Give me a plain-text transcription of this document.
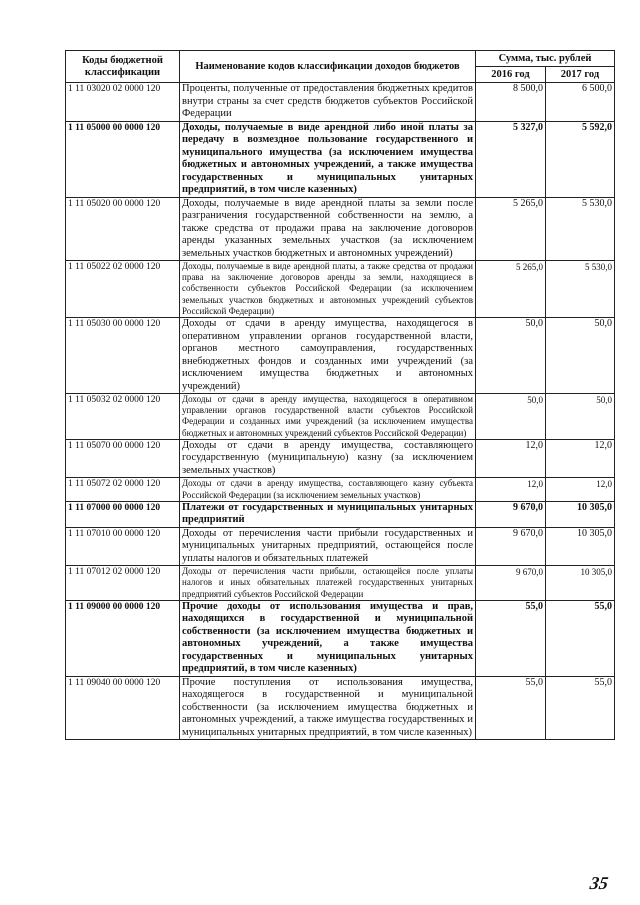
Коды бюджетной классификации	Наименование кодов классификации доходов бюджетов	Сумма, тыс. рублей	
		2016 год	2017 год
1 11 03020 02 0000 120	Проценты, полученные от предоставления бюджетных кредитов внутри страны за счет средств бюджетов субъектов Российской Федерации	8 500,0	6 500,0
1 11 05000 00 0000 120	Доходы, получаемые в виде арендной либо иной платы за передачу в возмездное пользование государственного и муниципального имущества (за исключением имущества бюджетных и автономных учреждений, а также имущества государственных и муниципальных унитарных предприятий, в том числе казенных)	5 327,0	5 592,0
1 11 05020 00 0000 120	Доходы, получаемые в виде арендной платы за земли после разграничения государственной собственности на землю, а также средства от продажи права на заключение договоров аренды указанных земельных участков (за исключением земельных участков бюджетных и автономных учреждений)	5 265,0	5 530,0
1 11 05022 02 0000 120	Доходы, получаемые в виде арендной платы, а также средства от продажи права на заключение договоров аренды за земли, находящиеся в собственности субъектов Российской Федерации (за исключением земельных участков бюджетных и автономных учреждений субъектов Российской Федерации)	5 265,0	5 530,0
1 11 05030 00 0000 120	Доходы от сдачи в аренду имущества, находящегося в оперативном управлении органов государственной власти, органов местного самоуправления, государственных внебюджетных фондов и созданных ими учреждений (за исключением имущества бюджетных и автономных учреждений)	50,0	50,0
1 11 05032 02 0000 120	Доходы от сдачи в аренду имущества, находящегося в оперативном управлении органов государственной власти субъектов Российской Федерации и созданных ими учреждений (за исключением имущества бюджетных и автономных учреждений субъектов Российской Федерации)	50,0	50,0
1 11 05070 00 0000 120	Доходы от сдачи в аренду имущества, составляющего государственную (муниципальную) казну (за исключением земельных участков)	12,0	12,0
1 11 05072 02 0000 120	Доходы от сдачи в аренду имущества, составляющего казну субъекта Российской Федерации (за исключением земельных участков)	12,0	12,0
1 11 07000 00 0000 120	Платежи от государственных и муниципальных унитарных предприятий	9 670,0	10 305,0
1 11 07010 00 0000 120	Доходы от перечисления части прибыли государственных и муниципальных унитарных предприятий, остающейся после уплаты налогов и обязательных платежей	9 670,0	10 305,0
1 11 07012 02 0000 120	Доходы от перечисления части прибыли, остающейся после уплаты налогов и иных обязательных платежей государственных унитарных предприятий субъектов Российской Федерации	9 670,0	10 305,0
1 11 09000 00 0000 120	Прочие доходы от использования имущества и прав, находящихся в государственной и муниципальной собственности (за исключением имущества бюджетных и автономных учреждений, а также имущества государственных и муниципальных унитарных предприятий, в том числе казенных)	55,0	55,0
1 11 09040 00 0000 120	Прочие поступления от использования имущества, находящегося в государственной и муниципальной собственности (за исключением имущества бюджетных и автономных учреждений, а также имущества государственных и муниципальных унитарных предприятий, в том числе казенных)	55,0	55,0
35
